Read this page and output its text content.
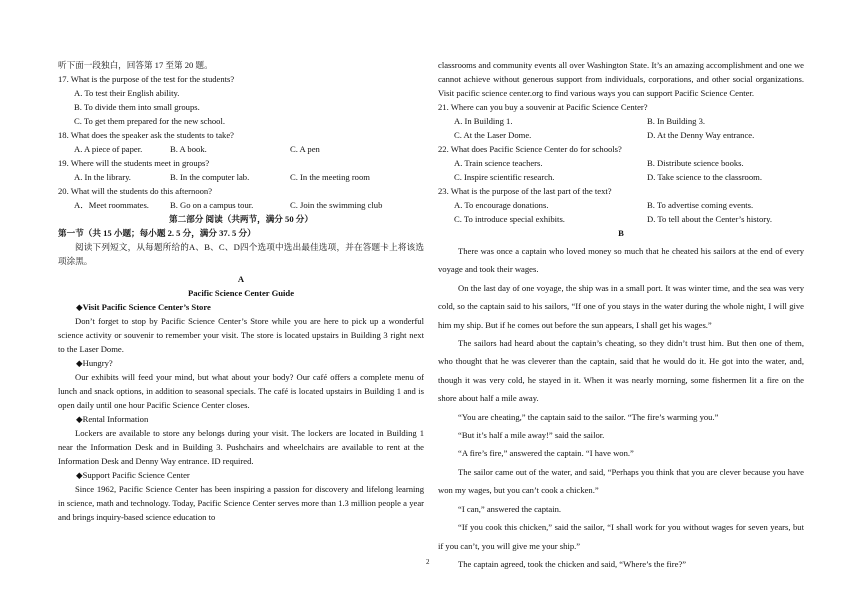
听下面一段独白，回答第 17 至第 20 题。
17. What is the purpose of the test for the students?
A. To test their English ability.
B. To divide them into small groups.
C. To get them prepared for the new school.
18. What does the speaker ask the students to take?
A. A piece of paper.	B. A book.	C. A pen
19. Where will the students meet in groups?
A. In the library.	B. In the computer lab.	C. In the meeting room
20. What will the students do this afternoon?
A．Meet roommates.	B. Go on a campus tour.	C. Join the swimming club
第二部分 阅读（共两节，满分 50 分）
第一节（共 15 小题；每小题 2. 5 分，满分 37. 5 分）
阅读下列短文，从每题所给的A、B、C、D四个选项中选出最佳选项，并在答题卡上将该选项涂黑。
A
Pacific Science Center Guide
◆Visit Pacific Science Center’s Store
Don’t forget to stop by Pacific Science Center’s Store while you are here to pick up a wonderful science activity or souvenir to remember your visit. The store is located upstairs in Building 3 right next to the Laser Dome.
◆Hungry?
Our exhibits will feed your mind, but what about your body? Our café offers a complete menu of lunch and snack options, in addition to seasonal specials. The café is located upstairs in Building 1 and is open daily until one hour Pacific Science Center closes.
◆Rental Information
Lockers are available to store any belongs during your visit. The lockers are located in Building 1 near the Information Desk and in Building 3. Pushchairs and wheelchairs are available to rent at the Information Desk and Denny Way entrance. ID required.
◆Support Pacific Science Center
Since 1962, Pacific Science Center has been inspiring a passion for discovery and lifelong learning in science, math and technology. Today, Pacific Science Center serves more than 1.3 million people a year and brings inquiry-based science education to
classrooms and community events all over Washington State. It’s an amazing accomplishment and one we cannot achieve without generous support from individuals, corporations, and other social organizations. Visit pacific science center.org to find various ways you can support Pacific Science Center.
21. Where can you buy a souvenir at Pacific Science Center?
A. In Building 1.	B. In Building 3.
C. At the Laser Dome.	D. At the Denny Way entrance.
22. What does Pacific Science Center do for schools?
A. Train science teachers.	B. Distribute science books.
C. Inspire scientific research.	D. Take science to the classroom.
23. What is the purpose of the last part of the text?
A. To encourage donations.	B. To advertise coming events.
C. To introduce special exhibits.	D. To tell about the Center’s history.
B
There was once a captain who loved money so much that he cheated his sailors at the end of every voyage and took their wages.
On the last day of one voyage, the ship was in a small port. It was winter time, and the sea was very cold, so the captain said to his sailors, “If one of you stays in the water during the whole night, I will give him my ship. But if he comes out before the sun appears, I shall get his wages.”
The sailors had heard about the captain’s cheating, so they didn’t trust him. But then one of them, who thought that he was cleverer than the captain, said that he would do it. He got into the water, and, though it was very cold, he stayed in it. When it was nearly morning, some fishermen lit a fire on the shore about half a mile away.
“You are cheating,” the captain said to the sailor. “The fire’s warming you.”
“But it’s half a mile away!” said the sailor.
“A fire’s fire,” answered the captain. “I have won.”
The sailor came out of the water, and said, “Perhaps you think that you are clever because you have won my wages, but you can’t cook a chicken.”
“I can,” answered the captain.
“If you cook this chicken,” said the sailor, “I shall work for you without wages for seven years, but if you can’t, you will give me your ship.”
The captain agreed, took the chicken and said, “Where’s the fire?”
2
